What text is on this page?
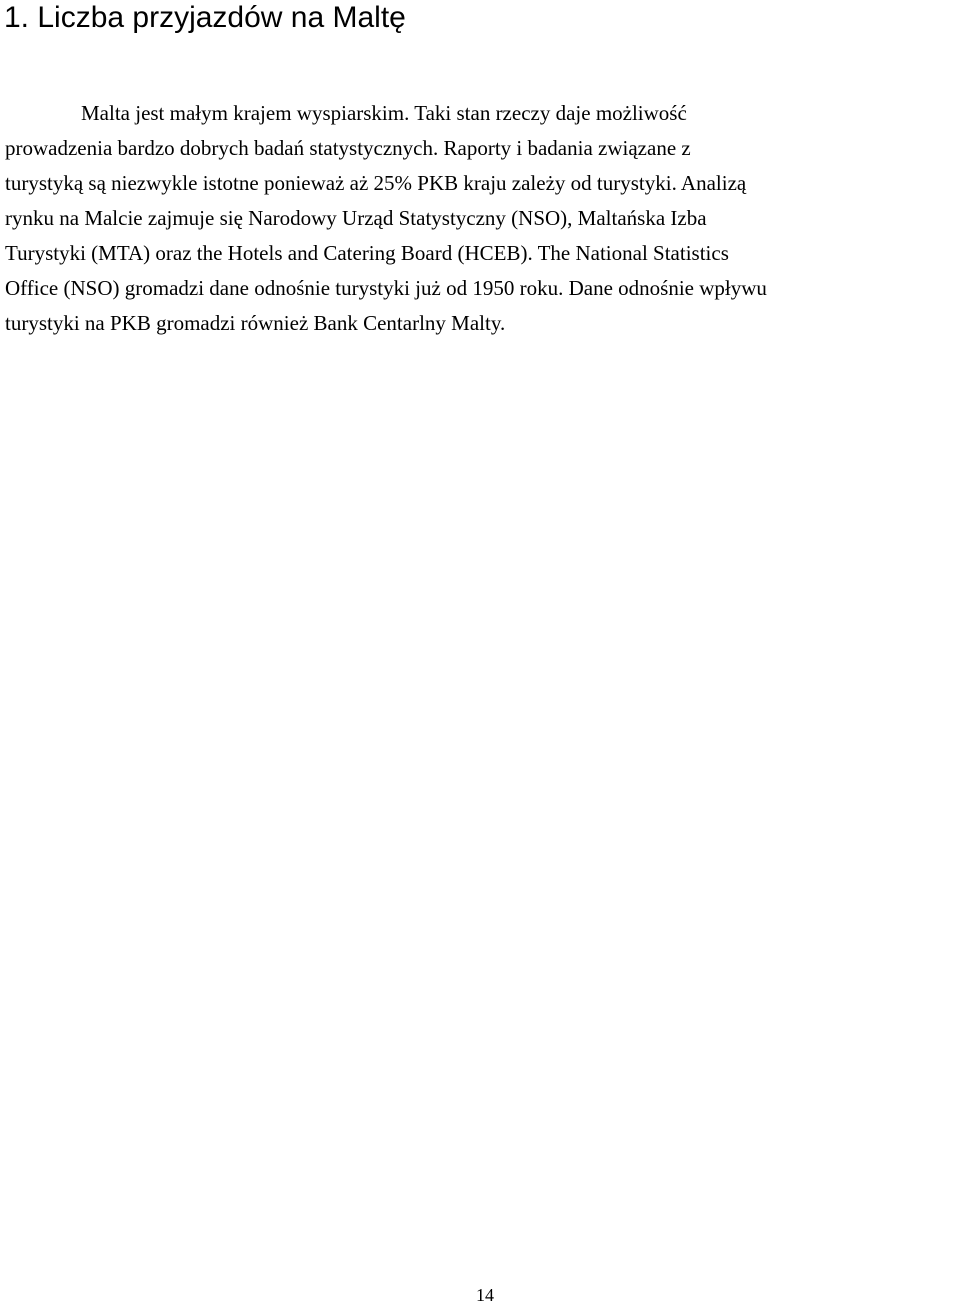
1. Liczba przyjazdów na Maltę
Malta jest małym krajem wyspiarskim. Taki stan rzeczy daje możliwość
prowadzenia bardzo dobrych badań statystycznych. Raporty i badania związane z
turystyką są niezwykle istotne ponieważ aż 25% PKB kraju zależy od turystyki. Analizą
rynku na Malcie zajmuje się Narodowy Urząd Statystyczny (NSO), Maltańska Izba
Turystyki (MTA) oraz the Hotels and Catering Board (HCEB). The National Statistics
Office (NSO) gromadzi dane odnośnie turystyki już od 1950 roku. Dane odnośnie wpływu
turystyki na PKB gromadzi również Bank Centarlny Malty.
14
